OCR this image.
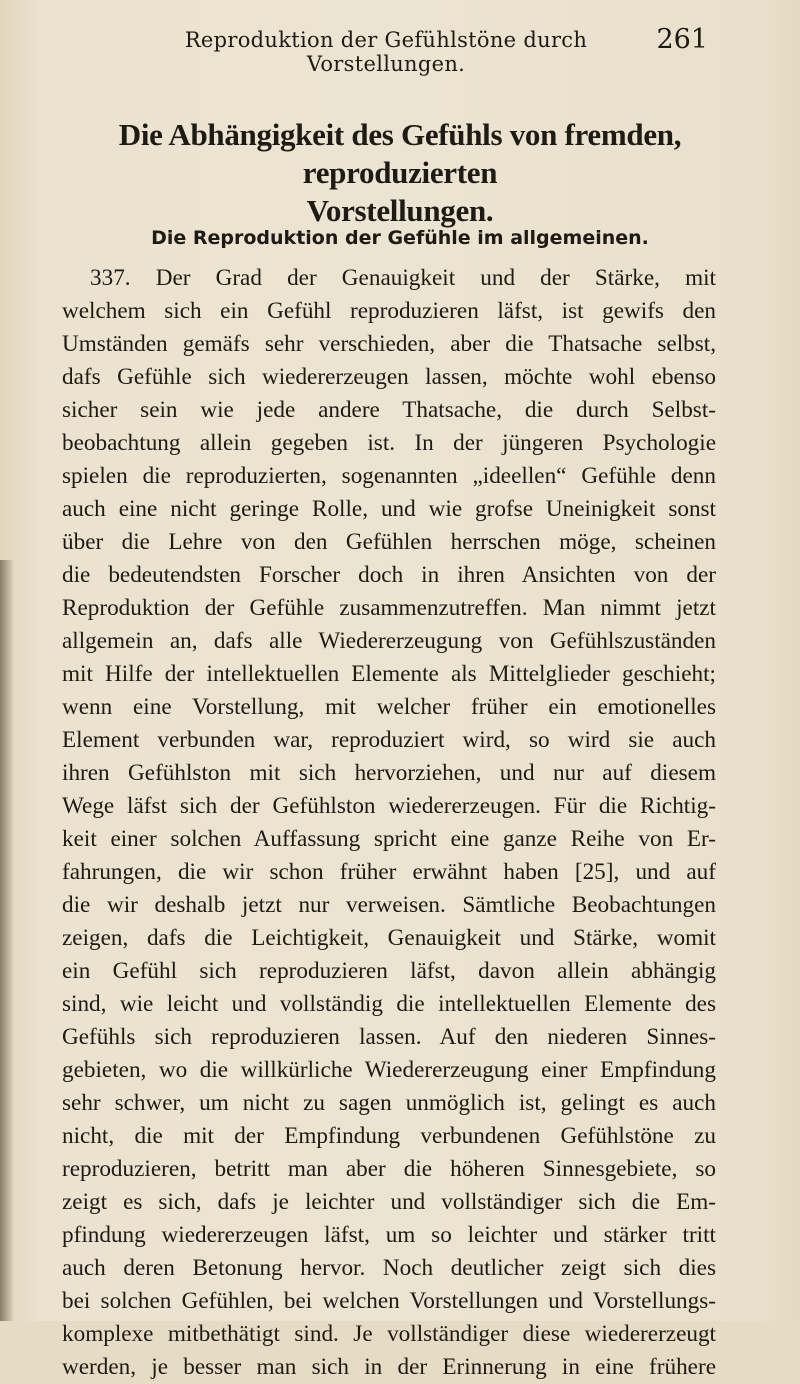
Reproduktion der Gefühlstöne durch Vorstellungen.
261
Die Abhängigkeit des Gefühls von fremden, reproduzierten
Vorstellungen.
Die Reproduktion der Gefühle im allgemeinen.
337. Der Grad der Genauigkeit und der Stärke, mit
welchem sich ein Gefühl reproduzieren läfst, ist gewifs den
Umständen gemäfs sehr verschieden, aber die Thatsache selbst,
dafs Gefühle sich wiedererzeugen lassen, möchte wohl ebenso
sicher sein wie jede andere Thatsache, die durch Selbst-
beobachtung allein gegeben ist. In der jüngeren Psychologie
spielen die reproduzierten, sogenannten „ideellen“ Gefühle denn
auch eine nicht geringe Rolle, und wie grofse Uneinigkeit sonst
über die Lehre von den Gefühlen herrschen möge, scheinen
die bedeutendsten Forscher doch in ihren Ansichten von der
Reproduktion der Gefühle zusammenzutreffen. Man nimmt jetzt
allgemein an, dafs alle Wiedererzeugung von Gefühlszuständen
mit Hilfe der intellektuellen Elemente als Mittelglieder geschieht;
wenn eine Vorstellung, mit welcher früher ein emotionelles
Element verbunden war, reproduziert wird, so wird sie auch
ihren Gefühlston mit sich hervorziehen, und nur auf diesem
Wege läfst sich der Gefühlston wiedererzeugen. Für die Richtig-
keit einer solchen Auffassung spricht eine ganze Reihe von Er-
fahrungen, die wir schon früher erwähnt haben [25], und auf
die wir deshalb jetzt nur verweisen. Sämtliche Beobachtungen
zeigen, dafs die Leichtigkeit, Genauigkeit und Stärke, womit
ein Gefühl sich reproduzieren läfst, davon allein abhängig
sind, wie leicht und vollständig die intellektuellen Elemente des
Gefühls sich reproduzieren lassen. Auf den niederen Sinnes-
gebieten, wo die willkürliche Wiedererzeugung einer Empfindung
sehr schwer, um nicht zu sagen unmöglich ist, gelingt es auch
nicht, die mit der Empfindung verbundenen Gefühlstöne zu
reproduzieren, betritt man aber die höheren Sinnesgebiete, so
zeigt es sich, dafs je leichter und vollständiger sich die Em-
pfindung wiedererzeugen läfst, um so leichter und stärker tritt
auch deren Betonung hervor. Noch deutlicher zeigt sich dies
bei solchen Gefühlen, bei welchen Vorstellungen und Vorstellungs-
komplexe mitbethätigt sind. Je vollständiger diese wiedererzeugt
werden, je besser man sich in der Erinnerung in eine frühere
